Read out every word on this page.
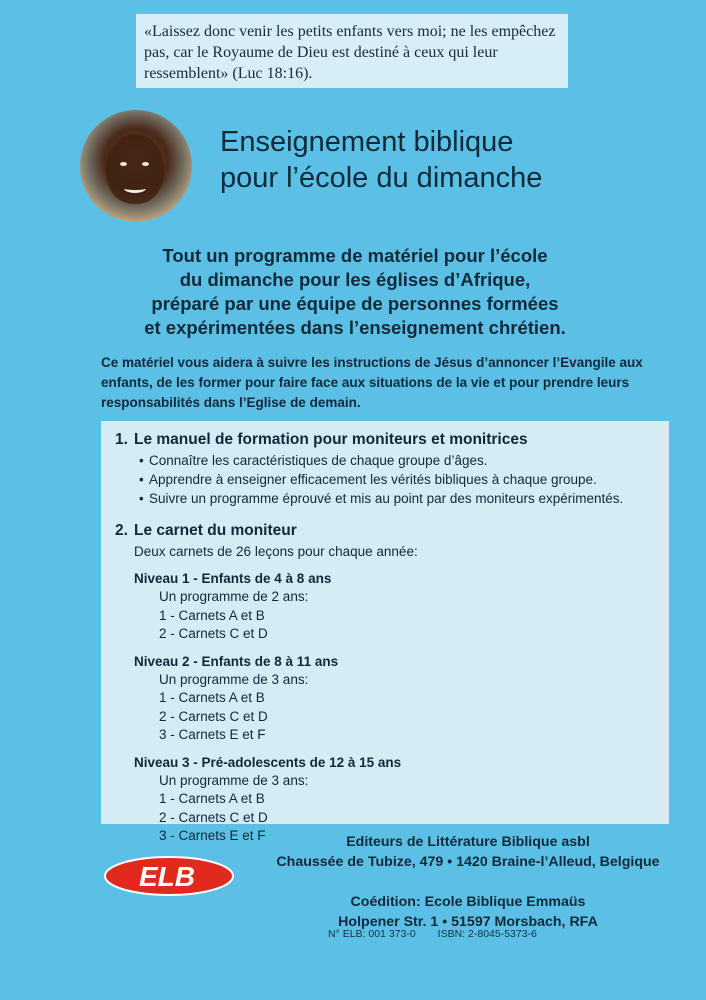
«Laissez donc venir les petits enfants vers moi; ne les empêchez pas, car le Royaume de Dieu est destiné à ceux qui leur ressemblent» (Luc 18:16).
Enseignement biblique
pour l’école du dimanche

Tout un programme de matériel pour l’école
du dimanche pour les églises d’Afrique,
préparé par une équipe de personnes formées
et expérimentées dans l’enseignement chrétien.

Ce matériel vous aidera à suivre les instructions de Jésus d’annoncer l’Evangile aux enfants, de les former pour faire face aux situations de la vie et pour prendre leurs responsabilités dans l’Eglise de demain.

1. Le manuel de formation pour moniteurs et monitrices
• Connaître les caractéristiques de chaque groupe d’âges.
• Apprendre à enseigner efficacement les vérités bibliques à chaque groupe.
• Suivre un programme éprouvé et mis au point par des moniteurs expérimentés.
2. Le carnet du moniteur
Deux carnets de 26 leçons pour chaque année:
Niveau 1 - Enfants de 4 à 8 ans
Un programme de 2 ans:
1 - Carnets A et B
2 - Carnets C et D
Niveau 2 - Enfants de 8 à 11 ans
Un programme de 3 ans:
1 - Carnets A et B
2 - Carnets C et D
3 - Carnets E et F
Niveau 3 - Pré-adolescents de 12 à 15 ans
Un programme de 3 ans:
1 - Carnets A et B
2 - Carnets C et D
3 - Carnets E et F
ELB
Editeurs de Littérature Biblique asbl
Chaussée de Tubize, 479 • 1420 Braine-l’Alleud, Belgique
Coédition: Ecole Biblique Emmaüs
Holpener Str. 1 • 51597 Morsbach, RFA
N° ELB: 001 373-0 ISBN: 2-8045-5373-6
